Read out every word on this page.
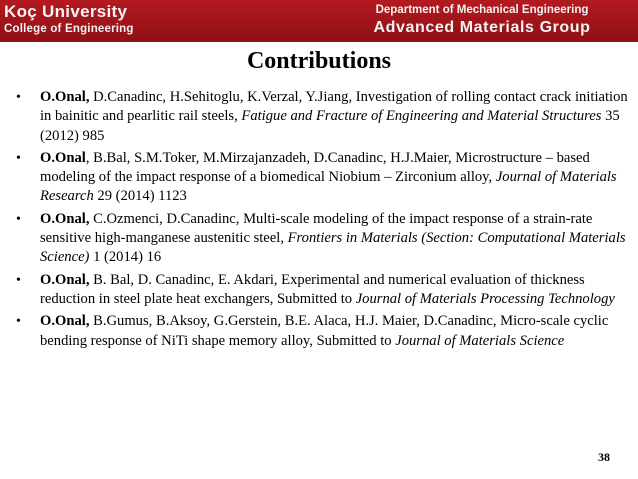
Koç University
College of Engineering
Department of Mechanical Engineering
Advanced Materials Group
Contributions
• O.Onal, D.Canadinc, H.Sehitoglu, K.Verzal, Y.Jiang, Investigation of rolling contact crack initiation in bainitic and pearlitic rail steels, Fatigue and Fracture of Engineering and Material Structures 35 (2012) 985
• O.Onal, B.Bal, S.M.Toker, M.Mirzajanzadeh, D.Canadinc, H.J.Maier, Microstructure – based modeling of the impact response of a biomedical Niobium – Zirconium alloy, Journal of Materials Research 29 (2014) 1123
• O.Onal, C.Ozmenci, D.Canadinc, Multi-scale modeling of the impact response of a strain-rate sensitive high-manganese austenitic steel, Frontiers in Materials (Section: Computational Materials Science) 1 (2014) 16
• O.Onal, B. Bal, D. Canadinc, E. Akdari, Experimental and numerical evaluation of thickness reduction in steel plate heat exchangers, Submitted to Journal of Materials Processing Technology
• O.Onal, B.Gumus, B.Aksoy, G.Gerstein, B.E. Alaca, H.J. Maier, D.Canadinc, Micro-scale cyclic bending response of NiTi shape memory alloy, Submitted to Journal of Materials Science
38
